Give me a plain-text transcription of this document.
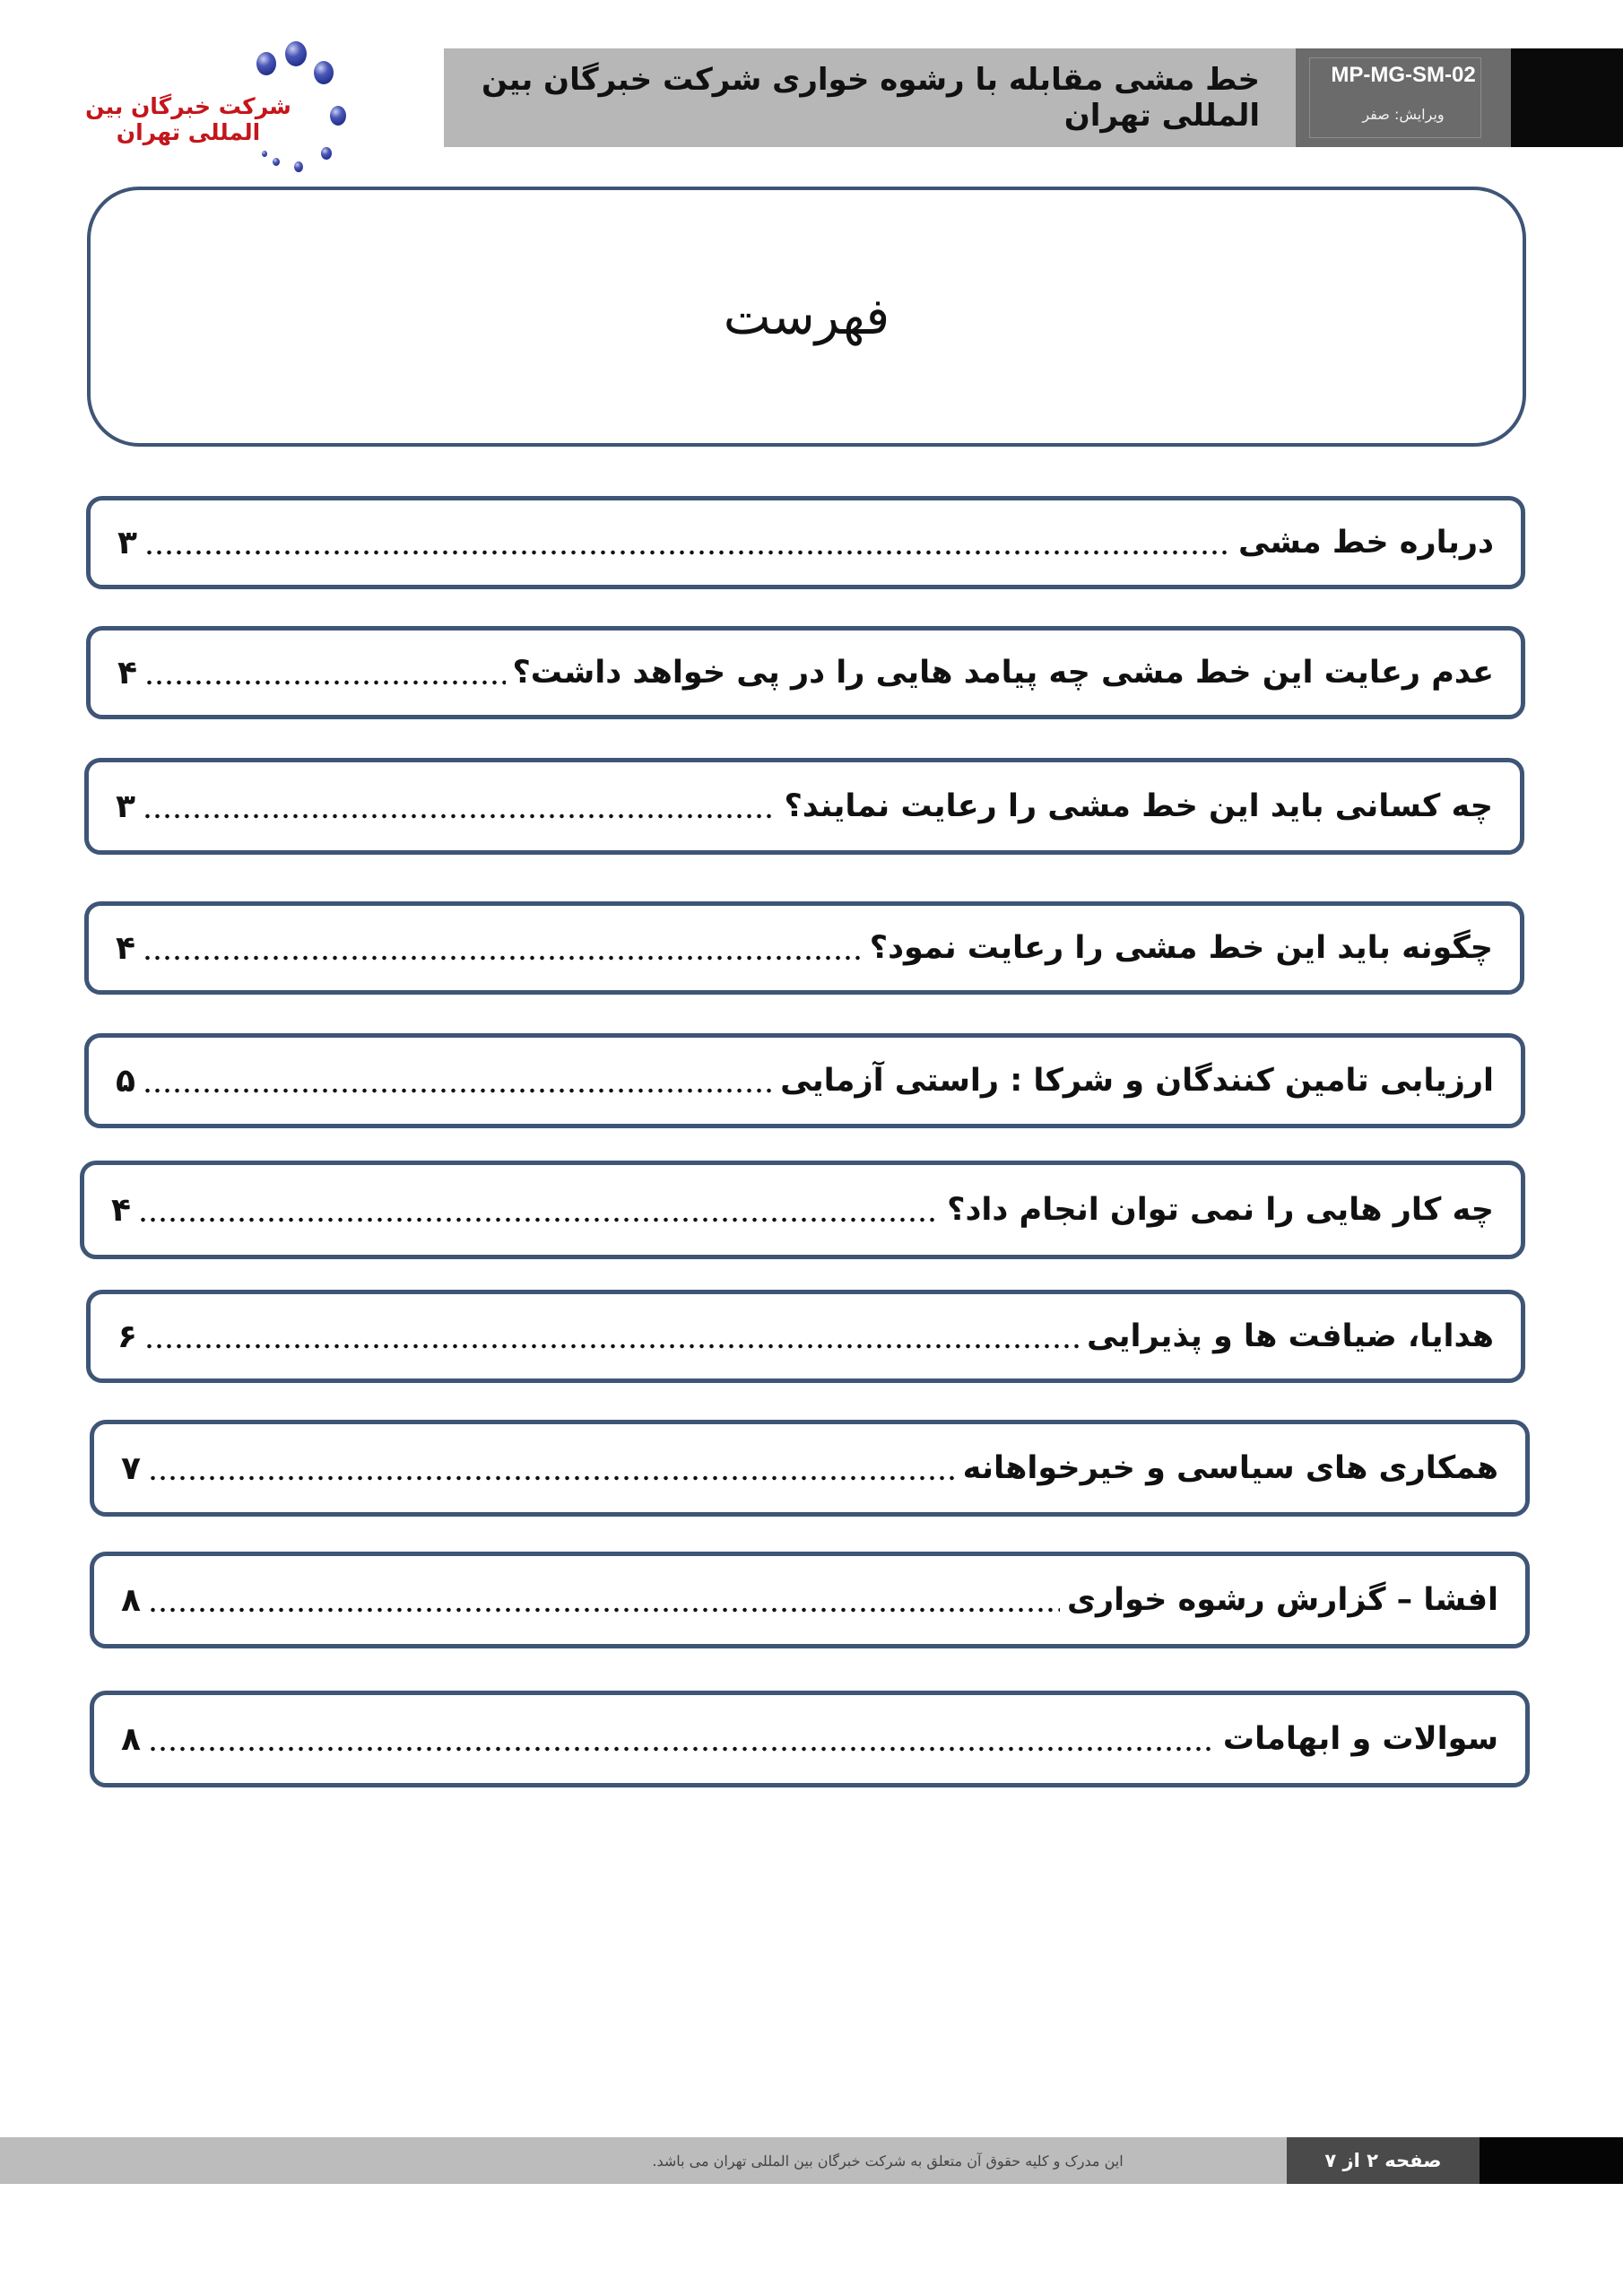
شرکت خبرگان بین المللی تهران
خط مشی مقابله با رشوه خواری شرکت خبرگان بین المللی تهران
MP-MG-SM-02
ویرایش: صفر
فهرست
درباره خط مشی
۳
عدم رعایت این خط مشی چه پیامد هایی را در پی خواهد داشت؟
۴
چه کسانی باید این خط مشی را رعایت نمایند؟
۳
چگونه باید این خط مشی را رعایت نمود؟
۴
ارزیابی تامین کنندگان و شرکا : راستی آزمایی
۵
چه کار هایی را نمی توان انجام داد؟
۴
هدایا، ضیافت ها و پذیرایی
۶
همکاری های سیاسی و خیرخواهانه
۷
افشا – گزارش رشوه خواری
۸
سوالات و ابهامات
۸
این مدرک و کلیه حقوق آن متعلق به شرکت خبرگان بین المللی تهران می باشد.	صفحه ۲ از ۷
